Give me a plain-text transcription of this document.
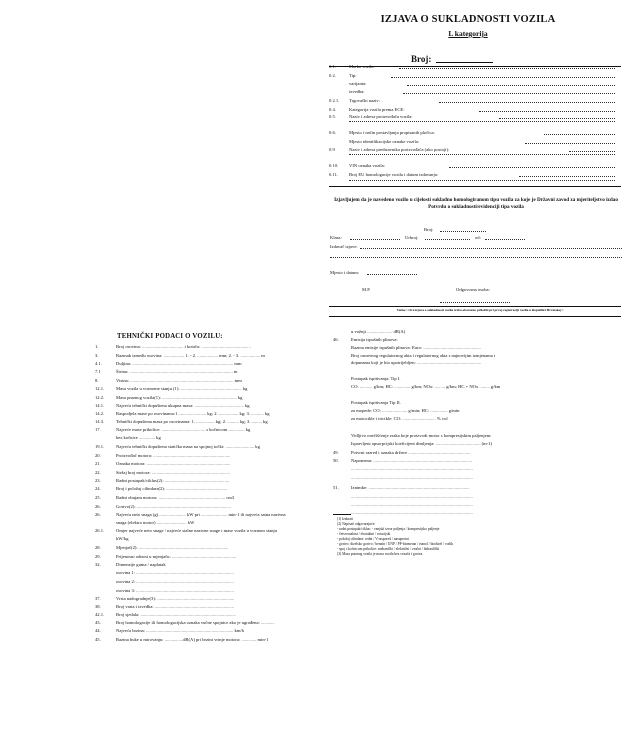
IZJAVA O SUKLADNOSTI VOZILA
L kategorija
Broj:
0.1.	Marka vozila:
0.2.	Tip:
varijanta:
izvedba:
0.2.1. Trgovački naziv:
0.4.	Kategorija vozila prema ECE:
0.5.	Naziv i adresa proizvođača vozila:
0.6.	Mjesto i način postavljanja propisanih pločica:
Mjesto identifikacijske oznake vozila:
0.9	Naziv i adresa predstavnika proizvođača (ako postoji):
0.10. VIN oznaka vozila:
0.11. Broj EU homologacije vozila i datum izdavanja:
Izjavljujem da je navedeno vozilo u cijelosti sukladno homologiranom tipu vozila za koje je Državni zavod za mjeriteljstvo izdao Potvrdu o sukladnosti/evidenciji tipa vozila
Broj:
Klasa:	Urbroj:	od:
Izdavač izjave:
Mjesto i datum:
M.P.	Odgovorna osoba:
Važno • Ova izjava o sukladnosti vozila treba obavezno priložiti pri prvoj registraciji vozila u Republici Hrvatskoj •
TEHNIČKI PODACI O VOZILU:
1.	Broj osovina: .................................... i kotača: ...........................................
3.	Razmak između osovina: .................. 1. - 2. .................. mm; 2. - 3. ................. m
4.1.	Duljina: ........................................................................................ mm
7.1	Širina: .......................................................................................... m
8.	Visina: .......................................................................................... mm
12.1.	Masa vozila u voznome stanju (1): ..................................................... kg
12.2.	Masa praznog vozila(1): ................................................................. kg
14.1.	Najveća tehnički dopuštena ukupna masa: ........................................... kg
14.2.	Raspodjela mase po osovinama:1 ........................ kg; 2. ................. kg; 3. ........... kg
14.3.	Tehnički dopuštena masa po osovinama: 1. ................ kg; 2. .......... kg; 3. ......... kg
17.	Najveće mase prikolice: ...................................... s kočnicom .............. kg
bez kočnice .............. kg
19.1.	Najveća tehnički dopuštena statička masa na spojnoj točki: ......................... kg
20.	Proizvođač motora: ...................................................................
21.	Oznaka motora: .........................................................................
22.	Stržaj broj motora: ....................................................................
23.	Radni postupak/ciklus(2): ........................................................
24.	Broj i položaj cilindara(2): .....................................................
25.	Radni obujam motora: .......................................................... cm3
26.	Gorivo(2): ..................................................................................
26.	Najveća neto snaga (g)........................ kW pri ....................... min-1 ili najveća satna nazivna
snaga (elektro motor) .......................... kW
26.1.	Omjer najveće neto snage / najveće stalne nazivne snage i mase vozila u voznom stanju
kW/kg
28.	Mjenjač(2): ..............................................................................
29.	Prijenosni odnosi u mjenjaču: ........................................................
32.	Dimenzije guma / naplatak
osovina 1: .....................................................................................
osovina 2: .....................................................................................
osovina 3: .....................................................................................
37.	Vrsta nadogradnje(3): ...................................................................
38.	Broj vrata i izvedba: .....................................................................
42.1.	Broj sjedala: ...................................................................................
43.	Broj homologacije ili homologacijska oznaka vučne spojnice ako je ugrađena: ............
44.	Najveća brzina: ............................................................................ km/h
45.	Razina buke u mirovanju: ................dB(A) pri brzini vrtnje motora: ............. min-1
u vožnji ...................... dB(A)
46.	Emisija ispušnih plinova:
Razina emisije ispušnih plinova: Euro: ..................................................
Broj osnovnog regulatornog akta i regulatornog akta s najnovijim izmjenama i
dopunama koji je bio upotrijebljen: ........................................................
Postupak ispitivanja: Tip I.
CO: ........... g/km; HC: .............. g/km; NOx: ......... g/km; HC + NOx ......... g/km
Postupak ispitivanja Tip II.
za mopede: CO: ...................... g/min; HC: ............... g/min
za motocikle i tricikle: CO: ............................. % vol
Vidljivo onečišćenje zraka koje proizvodi motor s kompresijskim paljenjem:
Ispravljeni apsorpcijski koeficijent dimljenja: ....................................... (m-1)
49.	Potvrni razred i oznaka države ......................................................
50.	Napomena: ......................................................................................
..........................................................................................................
..........................................................................................................
51.	Iznimke: ........................................................................................
..........................................................................................................
..........................................................................................................
..........................................................................................................
(1) Izabrati
(2) Napisati odgovarajuće:
- radni postupak/ciklus: - vanjski izvor paljenja / kompresijsko paljenje
- četverotaktni / dvotaktni / rotacijski
- položaj cilindara: redni / V-raspored / nasuprotni
- gorivo: dizelsko gorivo / benzin / UNP / PP-biometan / etanol / biodizel / vodik
- spoj s kočnicom prikolice: mehanički / električni / zračni / hidraulički
(3) Masa praznog vozila je masa vozila bez vozača i goriva.
